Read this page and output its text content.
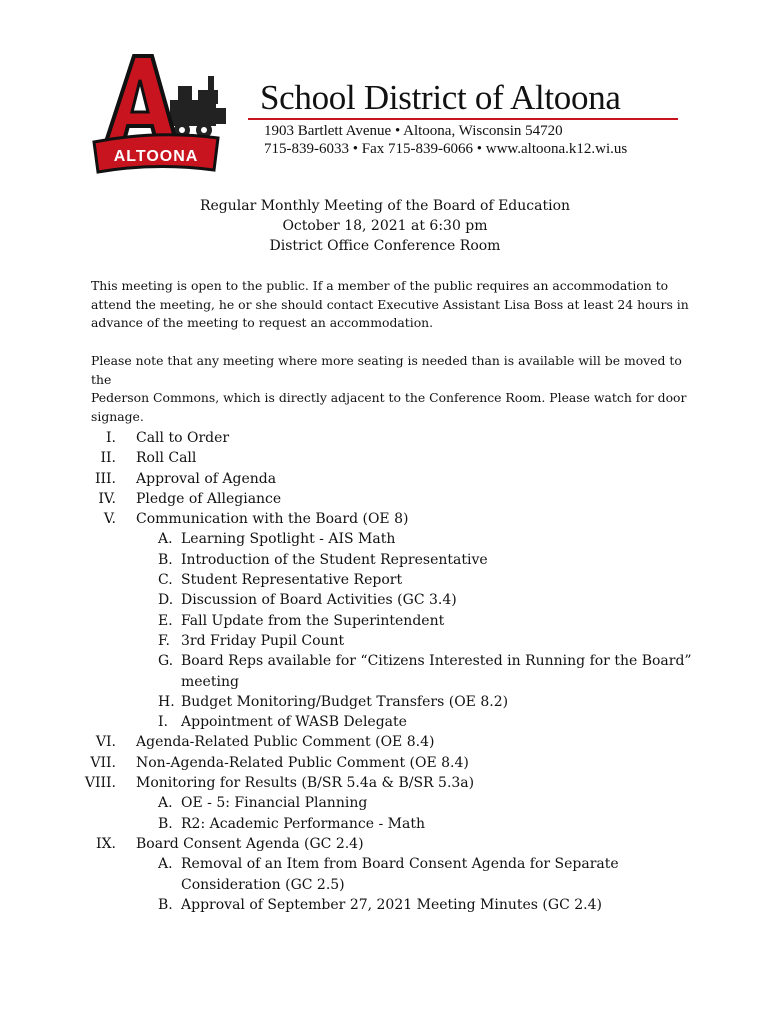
ALTOONA
School District of Altoona
1903 Bartlett Avenue • Altoona, Wisconsin 54720
715-839-6033 • Fax 715-839-6066 • www.altoona.k12.wi.us
Regular Monthly Meeting of the Board of Education
October 18, 2021 at 6:30 pm
District Office Conference Room
This meeting is open to the public. If a member of the public requires an accommodation to
attend the meeting, he or she should contact Executive Assistant Lisa Boss at least 24 hours in
advance of the meeting to request an accommodation.
Please note that any meeting where more seating is needed than is available will be moved to the
Pederson Commons, which is directly adjacent to the Conference Room. Please watch for door
signage.
I. Call to Order
II. Roll Call
III. Approval of Agenda
IV. Pledge of Allegiance
V. Communication with the Board (OE 8)
A. Learning Spotlight - AIS Math
B. Introduction of the Student Representative
C. Student Representative Report
D. Discussion of Board Activities (GC 3.4)
E. Fall Update from the Superintendent
F. 3rd Friday Pupil Count
G. Board Reps available for “Citizens Interested in Running for the Board”
meeting
H. Budget Monitoring/Budget Transfers (OE 8.2)
I. Appointment of WASB Delegate
VI. Agenda-Related Public Comment (OE 8.4)
VII. Non-Agenda-Related Public Comment (OE 8.4)
VIII. Monitoring for Results (B/SR 5.4a & B/SR 5.3a)
A. OE - 5: Financial Planning
B. R2: Academic Performance - Math
IX. Board Consent Agenda (GC 2.4)
A. Removal of an Item from Board Consent Agenda for Separate
Consideration (GC 2.5)
B. Approval of September 27, 2021 Meeting Minutes (GC 2.4)
